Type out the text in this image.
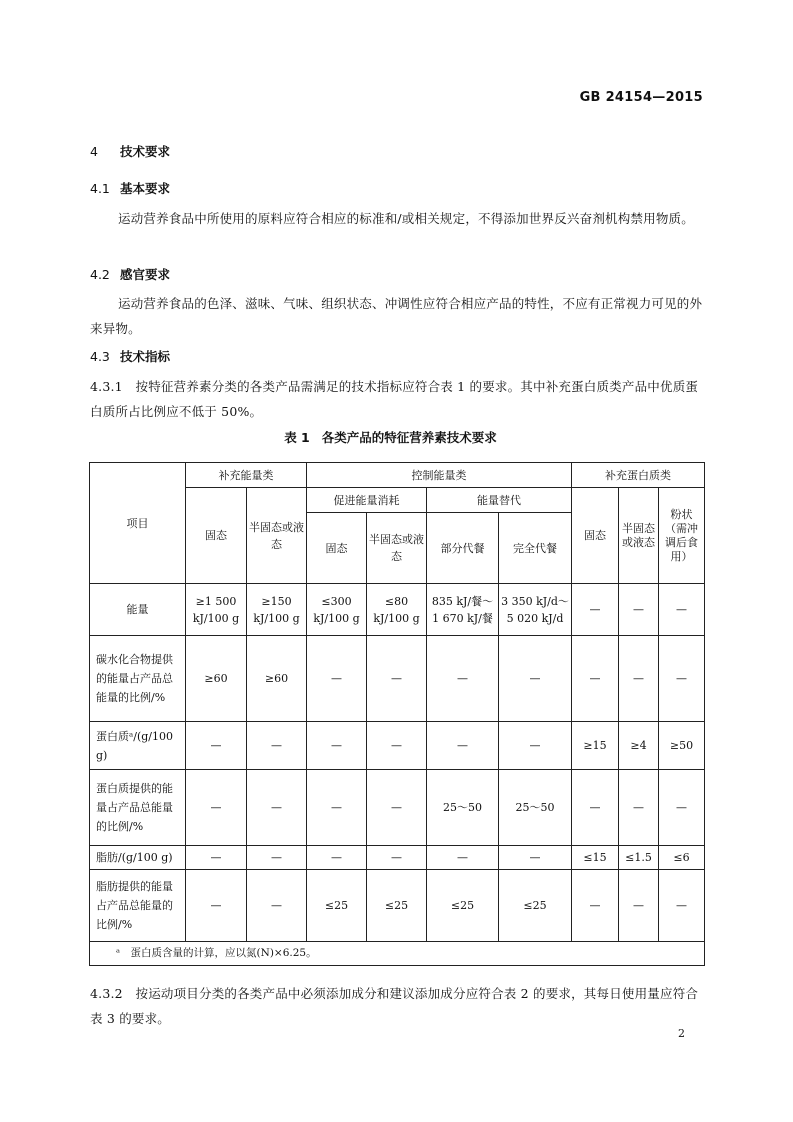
GB 24154—2015
4 技术要求
4.1 基本要求
运动营养食品中所使用的原料应符合相应的标准和/或相关规定，不得添加世界反兴奋剂机构禁用物质。
4.2 感官要求
运动营养食品的色泽、滋味、气味、组织状态、冲调性应符合相应产品的特性，不应有正常视力可见的外来异物。
4.3 技术指标
4.3.1　按特征营养素分类的各类产品需满足的技术指标应符合表 1 的要求。其中补充蛋白质类产品中优质蛋白质所占比例应不低于 50%。
表 1 各类产品的特征营养素技术要求
项目	补充能量类		控制能量类				补充蛋白质类		
	固态	半固态或液态	促进能量消耗		能量替代		固态	半固态或液态	粉状（需冲调后食用）
			固态	半固态或液态	部分代餐	完全代餐			
能量	≥1 500 kJ/100 g	≥150 kJ/100 g	≤300 kJ/100 g	≤80 kJ/100 g	835 kJ/餐～1 670 kJ/餐	3 350 kJ/d～5 020 kJ/d	—	—	—
碳水化合物提供的能量占产品总能量的比例/%	≥60	≥60	—	—	—	—	—	—	—
蛋白质ᵃ/(g/100 g)	—	—	—	—	—	—	≥15	≥4	≥50
蛋白质提供的能量占产品总能量的比例/%	—	—	—	—	25～50	25～50	—	—	—
脂肪/(g/100 g)	—	—	—	—	—	—	≤15	≤1.5	≤6
脂肪提供的能量占产品总能量的比例/%	—	—	≤25	≤25	≤25	≤25	—	—	—
ᵃ　蛋白质含量的计算，应以氮(N)×6.25。									
4.3.2　按运动项目分类的各类产品中必须添加成分和建议添加成分应符合表 2 的要求，其每日使用量应符合表 3 的要求。
2
